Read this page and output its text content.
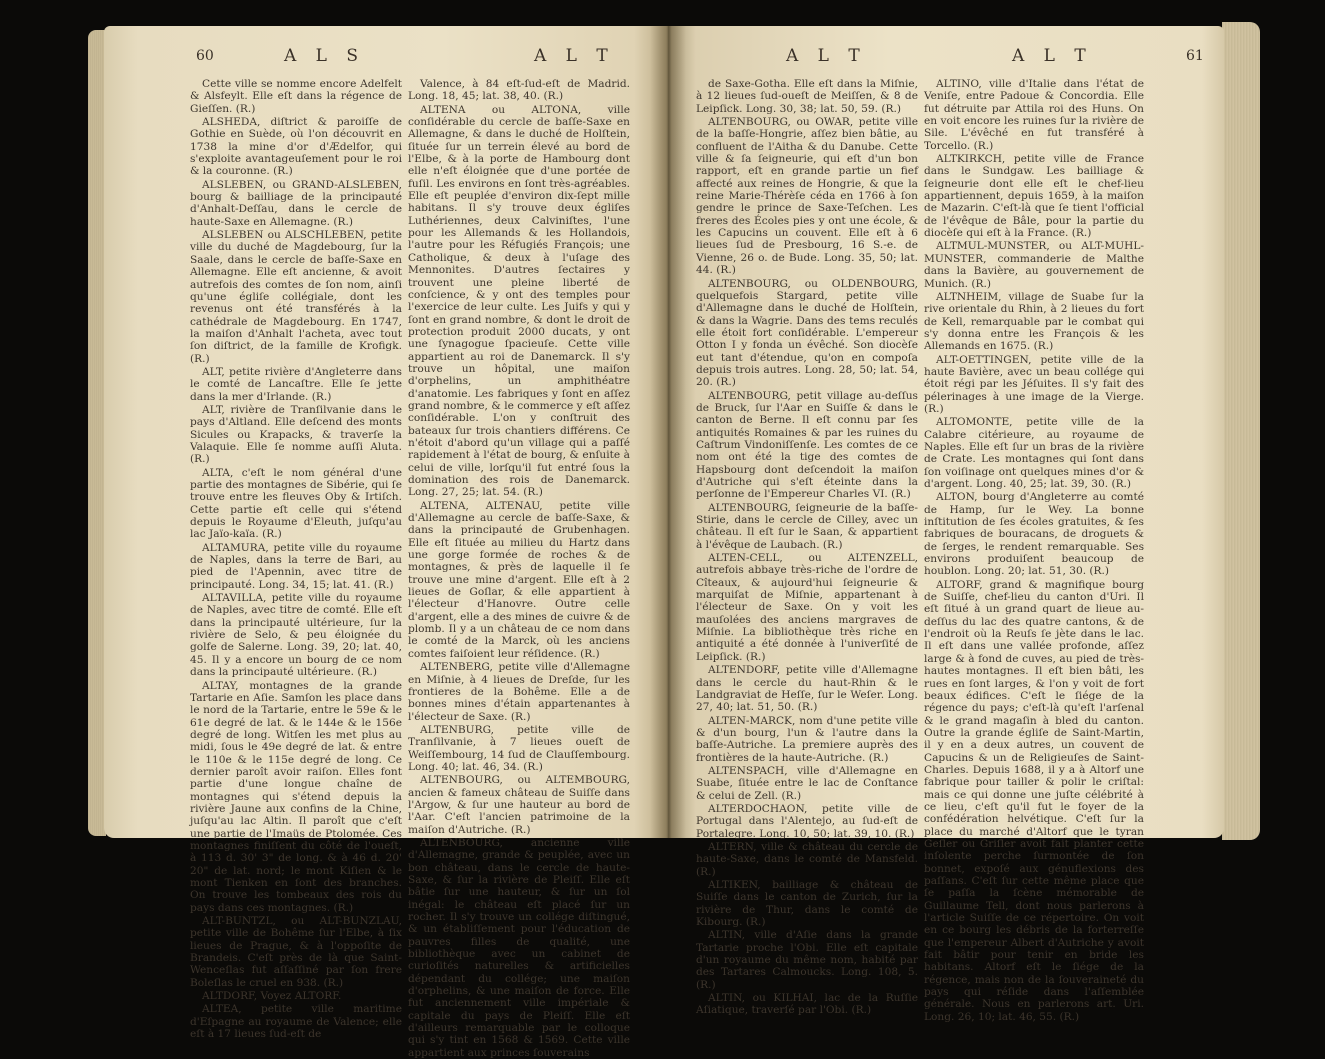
60	A L S	A L T

Cette ville se nomme encore Adelfelt & Alsfeylt. Elle eſt dans la régence de Gieſſen. (R.)

ALSHEDA, diſtrict & paroiſſe de Gothie en Suède, où l'on découvrit en 1738 la mine d'or d'Ædelfor, qui s'exploite avantageuſement pour le roi & la couronne. (R.)

ALSLEBEN, ou GRAND-ALSLEBEN, bourg & bailliage de la principauté d'Anhalt-Deſſau, dans le cercle de haute-Saxe en Allemagne. (R.)

ALSLEBEN ou ALSCHLEBEN, petite ville du duché de Magdebourg, ſur la Saale, dans le cercle de baſſe-Saxe en Allemagne. Elle eſt ancienne, & avoit autrefois des comtes de ſon nom, ainſi qu'une égliſe collégiale, dont les revenus ont été transférés à la cathédrale de Magdebourg. En 1747, la maiſon d'Anhalt l'acheta, avec tout ſon diſtrict, de la famille de Krofigk. (R.)

ALT, petite rivière d'Angleterre dans le comté de Lancaſtre. Elle ſe jette dans la mer d'Irlande. (R.)

ALT, rivière de Tranſilvanie dans le pays d'Altland. Elle deſcend des monts Sicules ou Krapacks, & traverſe la Valaquie. Elle ſe nomme auſſi Aluta. (R.)

ALTA, c'eſt le nom général d'une partie des montagnes de Sibérie, qui ſe trouve entre les fleuves Oby & Irtiſch. Cette partie eſt celle qui s'étend depuis le Royaume d'Eleuth, juſqu'au lac Jaïo-kaïa. (R.)

ALTAMURA, petite ville du royaume de Naples, dans la terre de Bari, au pied de l'Apennin, avec titre de principauté. Long. 34, 15; lat. 41. (R.)

ALTAVILLA, petite ville du royaume de Naples, avec titre de comté. Elle eſt dans la principauté ultérieure, ſur la rivière de Selo, & peu éloignée du golfe de Salerne. Long. 39, 20; lat. 40, 45. Il y a encore un bourg de ce nom dans la principauté ultérieure. (R.)

ALTAY, montagnes de la grande Tartarie en Aſie. Samſon les place dans le nord de la Tartarie, entre le 59e & le 61e degré de lat. & le 144e & le 156e degré de long. Witſen les met plus au midi, ſous le 49e degré de lat. & entre le 110e & le 115e degré de long. Ce dernier paroît avoir raiſon. Elles font partie d'une longue chaîne de montagnes qui s'étend depuis la rivière Jaune aux confins de la Chine, juſqu'au lac Altin. Il paroît que c'eſt une partie de l'Imaüs de Ptolomée. Ces montagnes finiſſent du côté de l'oueſt, à 113 d. 30' 3" de long. & à 46 d. 20' 20" de lat. nord; le mont Kiſien & le mont Tienken en ſont des branches. On trouve les tombeaux des rois du pays dans ces montagnes. (R.)

ALT-BUNTZL, ou ALT-BUNZLAU, petite ville de Bohême ſur l'Elbe, à ſix lieues de Prague, & à l'oppoſite de Brandeis. C'eſt près de là que Saint-Wenceſlas fut aſſaſſiné par ſon frere Boleſlas le cruel en 938. (R.)

ALTDORF, Voyez ALTORF.

ALTEA, petite ville maritime d'Eſpagne au royaume de Valence; elle eſt à 17 lieues ſud-eſt de

Valence, à 84 eſt-ſud-eſt de Madrid. Long. 18, 45; lat. 38, 40. (R.)

ALTENA ou ALTONA, ville conſidérable du cercle de baſſe-Saxe en Allemagne, & dans le duché de Holſtein, ſituée ſur un terrein élevé au bord de l'Elbe, & à la porte de Hambourg dont elle n'eſt éloignée que d'une portée de fuſil. Les environs en ſont très-agréables. Elle eſt peuplée d'environ dix-ſept mille habitans. Il s'y trouve deux égliſes Luthériennes, deux Calviniſtes, l'une pour les Allemands & les Hollandois, l'autre pour les Réfugiés François; une Catholique, & deux à l'uſage des Mennonites. D'autres ſectaires y trouvent une pleine liberté de conſcience, & y ont des temples pour l'exercice de leur culte. Les Juifs y qui y ſont en grand nombre, & dont le droit de protection produit 2000 ducats, y ont une ſynagogue ſpacieuſe. Cette ville appartient au roi de Danemarck. Il s'y trouve un hôpital, une maiſon d'orphelins, un amphithéatre d'anatomie. Les fabriques y ſont en aſſez grand nombre, & le commerce y eſt aſſez conſidérable. L'on y conſtruit des bateaux ſur trois chantiers différens. Ce n'étoit d'abord qu'un village qui a paſſé rapidement à l'état de bourg, & enſuite à celui de ville, lorſqu'il fut entré ſous la domination des rois de Danemarck. Long. 27, 25; lat. 54. (R.)

ALTENA, ALTENAU, petite ville d'Allemagne au cercle de baſſe-Saxe, & dans la principauté de Grubenhagen. Elle eſt ſituée au milieu du Hartz dans une gorge formée de roches & de montagnes, & près de laquelle il ſe trouve une mine d'argent. Elle eſt à 2 lieues de Goſlar, & elle appartient à l'électeur d'Hanovre. Outre celle d'argent, elle a des mines de cuivre & de plomb. Il y a un château de ce nom dans le comté de la Marck, où les anciens comtes faiſoient leur réſidence. (R.)

ALTENBERG, petite ville d'Allemagne en Miſnie, à 4 lieues de Dreſde, ſur les frontieres de la Bohême. Elle a de bonnes mines d'étain appartenantes à l'électeur de Saxe. (R.)

ALTENBURG, petite ville de Tranſilvanie, à 7 lieues oueſt de Weiſſembourg, 14 ſud de Clauſſembourg. Long. 40; lat. 46, 34. (R.)

ALTENBOURG, ou ALTEMBOURG, ancien & fameux château de Suiſſe dans l'Argow, & ſur une hauteur au bord de l'Aar. C'eſt l'ancien patrimoine de la maiſon d'Autriche. (R.)

ALTENBOURG, ancienne ville d'Allemagne, grande & peuplée, avec un bon château, dans le cercle de haute-Saxe, & ſur la rivière de Pleiſſ. Elle eſt bâtie ſur une hauteur, & ſur un ſol inégal: le château eſt placé ſur un rocher. Il s'y trouve un collége diſtingué, & un établiſſement pour l'éducation de pauvres filles de qualité, une bibliothèque avec un cabinet de curioſités naturelles & artificielles dépendant du collége; une maiſon d'orphelins, & une maiſon de force. Elle fut anciennement ville impériale & capitale du pays de Pleiſſ. Elle eſt d'ailleurs remarquable par le colloque qui s'y tint en 1568 & 1569. Cette ville appartient aux princes ſouverains

A L T	A L T	61

de Saxe-Gotha. Elle eſt dans la Miſnie, à 12 lieues ſud-oueſt de Meiſſen, & 8 de Leipſick. Long. 30, 38; lat. 50, 59. (R.)

ALTENBOURG, ou OWAR, petite ville de la baſſe-Hongrie, aſſez bien bâtie, au confluent de l'Aitha & du Danube. Cette ville & ſa ſeigneurie, qui eſt d'un bon rapport, eſt en grande partie un fief affecté aux reines de Hongrie, & que la reine Marie-Thérèſe céda en 1766 à ſon gendre le prince de Saxe-Teſchen. Les freres des Écoles pies y ont une école, & les Capucins un couvent. Elle eſt à 6 lieues ſud de Presbourg, 16 S.-e. de Vienne, 26 o. de Bude. Long. 35, 50; lat. 44. (R.)

ALTENBOURG, ou OLDENBOURG, quelquefois Stargard, petite ville d'Allemagne dans le duché de Holſtein, & dans la Wagrie. Dans des tems reculés elle étoit fort conſidérable. L'empereur Otton I y fonda un évêché. Son diocèſe eut tant d'étendue, qu'on en compoſa depuis trois autres. Long. 28, 50; lat. 54, 20. (R.)

ALTENBOURG, petit village au-deſſus de Bruck, ſur l'Aar en Suiſſe & dans le canton de Berne. Il eſt connu par ſes antiquités Romaines & par les ruines du Caſtrum Vindoniſſenſe. Les comtes de ce nom ont été la tige des comtes de Hapsbourg dont deſcendoit la maiſon d'Autriche qui s'eſt éteinte dans la perſonne de l'Empereur Charles VI. (R.)

ALTENBOURG, ſeigneurie de la baſſe-Stirie, dans le cercle de Cilley, avec un château. Il eſt ſur le Saan, & appartient à l'évêque de Laubach. (R.)

ALTEN-CELL, ou ALTENZELL, autrefois abbaye très-riche de l'ordre de Cîteaux, & aujourd'hui ſeigneurie & marquiſat de Miſnie, appartenant à l'électeur de Saxe. On y voit les mauſolées des anciens margraves de Miſnie. La bibliothèque très riche en antiquité a été donnée à l'univerſité de Leipſick. (R.)

ALTENDORF, petite ville d'Allemagne dans le cercle du haut-Rhin & le Landgraviat de Heſſe, ſur le Weſer. Long. 27, 40; lat. 51, 50. (R.)

ALTEN-MARCK, nom d'une petite ville & d'un bourg, l'un & l'autre dans la baſſe-Autriche. La premiere auprès des frontières de la haute-Autriche. (R.)

ALTENSPACH, ville d'Allemagne en Suabe, ſituée entre le lac de Conſtance & celui de Zell. (R.)

ALTERDOCHAON, petite ville de Portugal dans l'Alentejo, au ſud-eſt de Portalegre. Long. 10, 50; lat. 39, 10. (R.)

ALTERN, ville & château du cercle de haute-Saxe, dans le comté de Mansfeld. (R.)

ALTIKEN, bailliage & château de Suiſſe dans le canton de Zurich, ſur la rivière de Thur, dans le comté de Kibourg. (R.)

ALTIN, ville d'Aſie dans la grande Tartarie proche l'Obi. Elle eſt capitale d'un royaume du même nom, habité par des Tartares Calmoucks. Long. 108, 5. (R.)

ALTIN, ou KILHAI, lac de la Ruſſie Aſiatique, traverſé par l'Obi. (R.)

ALTINO, ville d'Italie dans l'état de Veniſe, entre Padoue & Concordia. Elle fut détruite par Attila roi des Huns. On en voit encore les ruines ſur la rivière de Sile. L'évêché en fut transféré à Torcello. (R.)

ALTKIRKCH, petite ville de France dans le Sundgaw. Les bailliage & ſeigneurie dont elle eſt le chef-lieu appartiennent, depuis 1659, à la maiſon de Mazarin. C'eſt-là que ſe tient l'official de l'évêque de Bâle, pour la partie du diocèſe qui eſt à la France. (R.)

ALTMUL-MUNSTER, ou ALT-MUHL-MUNSTER, commanderie de Malthe dans la Bavière, au gouvernement de Munich. (R.)

ALTNHEIM, village de Suabe ſur la rive orientale du Rhin, à 2 lieues du fort de Kell, remarquable par le combat qui s'y donna entre les François & les Allemands en 1675. (R.)

ALT-OETTINGEN, petite ville de la haute Bavière, avec un beau collége qui étoit régi par les Jéſuites. Il s'y fait des pélerinages à une image de la Vierge. (R.)

ALTOMONTE, petite ville de la Calabre citérieure, au royaume de Naples. Elle eſt ſur un bras de la rivière de Crate. Les montagnes qui ſont dans ſon voiſinage ont quelques mines d'or & d'argent. Long. 40, 25; lat. 39, 30. (R.)

ALTON, bourg d'Angleterre au comté de Hamp, ſur le Wey. La bonne inſtitution de ſes écoles gratuites, & ſes fabriques de bouracans, de droguets & de ſerges, le rendent remarquable. Ses environs produiſent beaucoup de houblon. Long. 20; lat. 51, 30. (R.)

ALTORF, grand & magnifique bourg de Suiſſe, chef-lieu du canton d'Uri. Il eſt ſitué à un grand quart de lieue au-deſſus du lac des quatre cantons, & de l'endroit où la Reuſs ſe jète dans le lac. Il eſt dans une vallée profonde, aſſez large & à fond de cuves, au pied de très-hautes montagnes. Il eſt bien bâti, les rues en ſont larges, & l'on y voit de fort beaux édifices. C'eſt le ſiége de la régence du pays; c'eſt-là qu'eſt l'arſenal & le grand magaſin à bled du canton. Outre la grande égliſe de Saint-Martin, il y en a deux autres, un couvent de Capucins & un de Religieuſes de Saint-Charles. Depuis 1688, il y a à Altorf une fabrique pour tailler & polir le criſtal: mais ce qui donne une juſte célébrité à ce lieu, c'eſt qu'il fut le foyer de la confédération helvétique. C'eſt ſur la place du marché d'Altorf que le tyran Geſler ou Griſler avoit fait planter cette inſolente perche ſurmontée de ſon bonnet, expoſé aux génuflexions des paſſans. C'eſt ſur cette même place que ſe paſſa la ſcène mémorable de Guillaume Tell, dont nous parlerons à l'article Suiſſe de ce répertoire. On voit en ce bourg les débris de la forterreſſe que l'empereur Albert d'Autriche y avoit fait bâtir pour tenir en bride les habitans. Altorf eſt le ſiége de la régence, mais non de la ſouveraineté du pays qui réſide dans l'aſſemblée générale. Nous en parlerons art. Uri. Long. 26, 10; lat. 46, 55. (R.)
